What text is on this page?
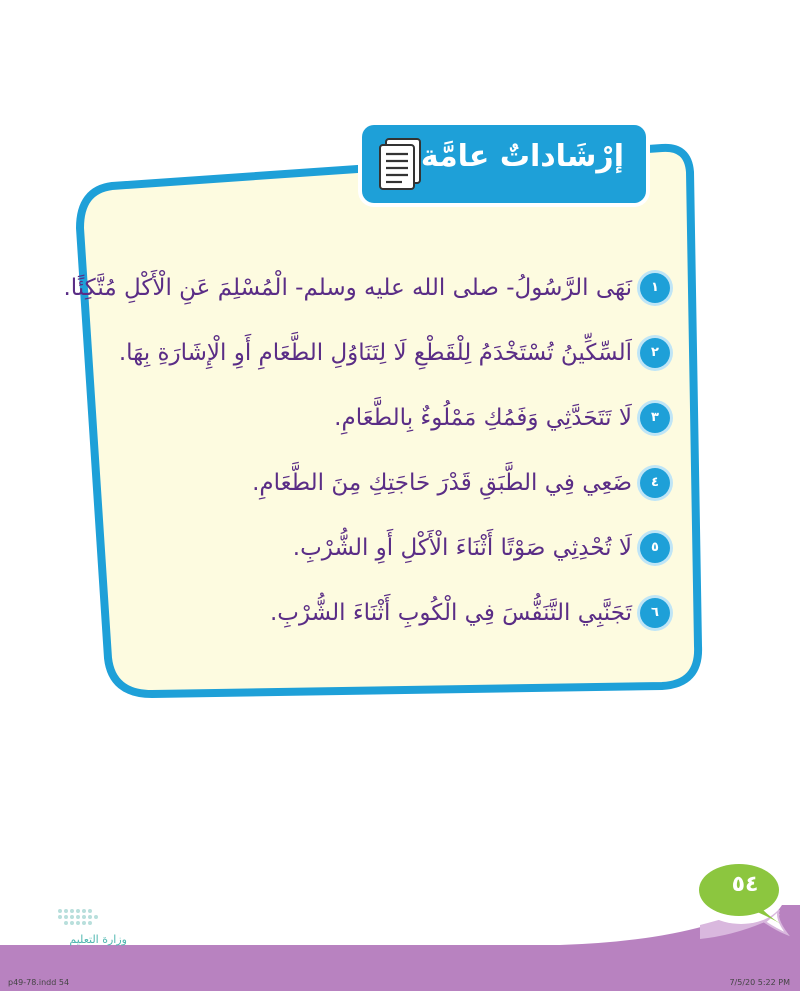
إرْشَاداتٌ عامَّة
١
نَهَى الرَّسُولُ- صلى الله عليه وسلم- الْمُسْلِمَ عَنِ الْأَكْلِ مُتَّكِئًا.
٢
اَلسِّكِّينُ تُسْتَخْدَمُ لِلْقَطْعِ لَا لِتَنَاوُلِ الطَّعَامِ أَوِ الْإِشَارَةِ بِهَا.
٣
لَا تَتَحَدَّثِي وَفَمُكِ مَمْلُوءٌ بِالطَّعَامِ.
٤
ضَعِي فِي الطَّبَقِ قَدْرَ حَاجَتِكِ مِنَ الطَّعَامِ.
٥
لَا تُحْدِثِي صَوْتًا أَثْنَاءَ الْأَكْلِ أَوِ الشُّرْبِ.
٦
تَجَنَّبِي التَّنَفُّسَ فِي الْكُوبِ أَثْنَاءَ الشُّرْبِ.
٥٤
وزارة التعليم
p49-78.indd 54	7/5/20 5:22 PM
